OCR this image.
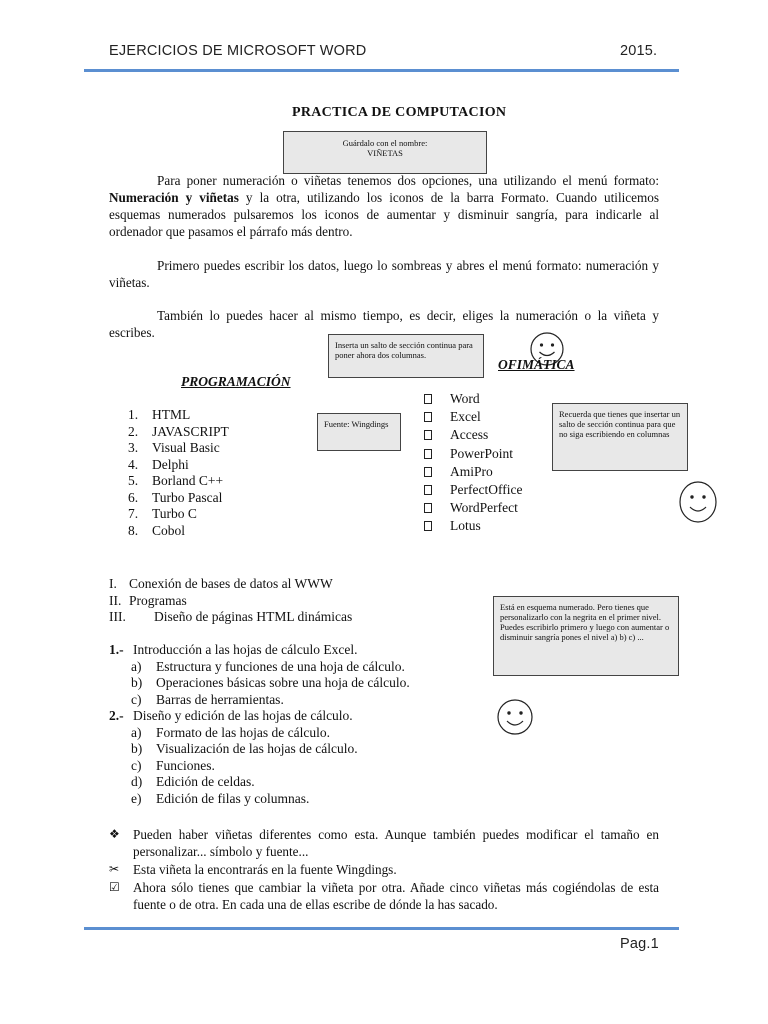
EJERCICIOS DE MICROSOFT WORD	2015.
PRACTICA DE COMPUTACION
Guárdalo con el nombre:
VIÑETAS
Para poner numeración o viñetas tenemos dos opciones, una utilizando el menú formato: Numeración y viñetas y la otra, utilizando los iconos de la barra Formato. Cuando utilicemos esquemas numerados pulsaremos los iconos de aumentar y disminuir sangría, para indicarle al ordenador que pasamos el párrafo más dentro.
Primero puedes escribir los datos, luego lo sombreas y abres el menú formato: numeración y viñetas.
También lo puedes hacer al mismo tiempo, es decir, eliges la numeración o la viñeta y escribes.
Inserta un salto de sección continua para poner ahora dos columnas.
PROGRAMACIÓN
OFIMÁTICA
1. HTML
2. JAVASCRIPT
3. Visual Basic
4. Delphi
5. Borland C++
6. Turbo Pascal
7. Turbo C
8. Cobol
Fuente: Wingdings
Word
Excel
Access
PowerPoint
AmiPro
PerfectOffice
WordPerfect
Lotus
Recuerda que tienes que insertar un salto de sección continua para que no siga escribiendo en columnas
I. Conexión de bases de datos al WWW
II. Programas
III. Diseño de páginas HTML dinámicas
Está en esquema numerado. Pero tienes que personalizarlo con la negrita en el primer nivel. Puedes escribirlo primero y luego con aumentar o disminuir sangría pones el nivel a) b) c) ...
1.- Introducción a las hojas de cálculo Excel.
a) Estructura y funciones de una hoja de cálculo.
b) Operaciones básicas sobre una hoja de cálculo.
c) Barras de herramientas.
2.- Diseño y edición de las hojas de cálculo.
a) Formato de las hojas de cálculo.
b) Visualización de las hojas de cálculo.
c) Funciones.
d) Edición de celdas.
e) Edición de filas y columnas.
❖ Pueden haber viñetas diferentes como esta. Aunque también puedes modificar el tamaño en personalizar... símbolo y fuente...
✂ Esta viñeta la encontrarás en la fuente Wingdings.
☑ Ahora sólo tienes que cambiar la viñeta por otra. Añade cinco viñetas más cogiéndolas de esta fuente o de otra. En cada una de ellas escribe de dónde la has sacado.
Pag.1
